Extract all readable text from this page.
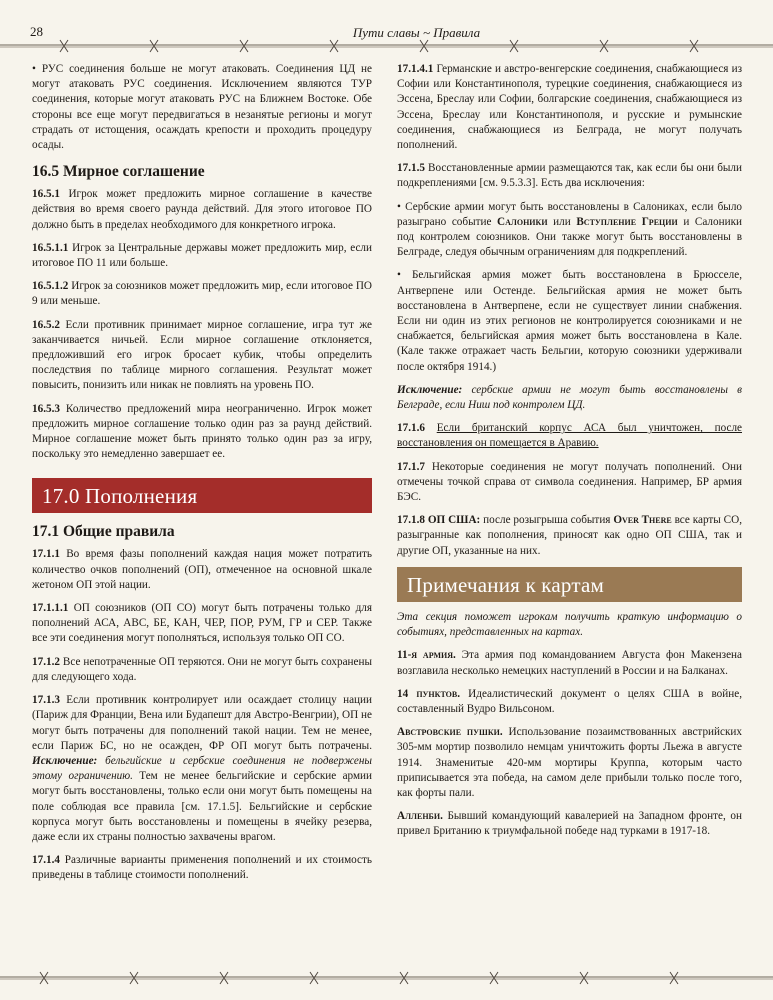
28	Пути славы ~ Правила

• РУС соединения больше не могут атаковать. Соединения ЦД не могут атаковать РУС соединения. Исключением являются ТУР соединения, которые могут атаковать РУС на Ближнем Востоке. Обе стороны все еще могут передвигаться в незанятые регионы и могут страдать от истощения, осаждать крепости и проходить процедуру осады.

16.5 Мирное соглашение

16.5.1 Игрок может предложить мирное соглашение в качестве действия во время своего раунда действий. Для этого итоговое ПО должно быть в пределах необходимого для конкретного игрока.

16.5.1.1 Игрок за Центральные державы может предложить мир, если итоговое ПО 11 или больше.

16.5.1.2 Игрок за союзников может предложить мир, если итоговое ПО 9 или меньше.

16.5.2 Если противник принимает мирное соглашение, игра тут же заканчивается ничьей. Если мирное соглашение отклоняется, предложивший его игрок бросает кубик, чтобы определить последствия по таблице мирного соглашения. Результат может повысить, понизить или никак не повлиять на уровень ПО.

16.5.3 Количество предложений мира неограниченно. Игрок может предложить мирное соглашение только один раз за раунд действий. Мирное соглашение может быть принято только один раз за игру, поскольку это немедленно завершает ее.

17.0 Пополнения
17.1 Общие правила

17.1.1 Во время фазы пополнений каждая нация может потратить количество очков пополнений (ОП), отмеченное на основной шкале жетоном ОП этой нации.

17.1.1.1 ОП союзников (ОП СО) могут быть потрачены только для пополнений АСА, АВС, БЕ, КАН, ЧЕР, ПОР, РУМ, ГР и СЕР. Также все эти соединения могут пополняться, используя только ОП СО.

17.1.2 Все непотраченные ОП теряются. Они не могут быть сохранены для следующего хода.

17.1.3 Если противник контролирует или осаждает столицу нации (Париж для Франции, Вена или Будапешт для Австро-Венгрии), ОП не могут быть потрачены для пополнений такой нации. Тем не менее, если Париж БС, но не осажден, ФР ОП могут быть потрачены. Исключение: бельгийские и сербские соединения не подвержены этому ограничению. Тем не менее бельгийские и сербские армии могут быть восстановлены, только если они могут быть помещены на поле соблюдая все правила [см. 17.1.5]. Бельгийские и сербские корпуса могут быть восстановлены и помещены в ячейку резерва, даже если их страны полностью захвачены врагом.

17.1.4 Различные варианты применения пополнений и их стоимость приведены в таблице стоимости пополнений.

17.1.4.1 Германские и австро-венгерские соединения, снабжающиеся из Софии или Константинополя, турецкие соединения, снабжающиеся из Эссена, Бреслау или Софии, болгарские соединения, снабжающиеся из Эссена, Бреслау или Константинополя, и русские и румынские соединения, снабжающиеся из Белграда, не могут получать пополнений.

17.1.5 Восстановленные армии размещаются так, как если бы они были подкреплениями [см. 9.5.3.3]. Есть два исключения:

• Сербские армии могут быть восстановлены в Салониках, если было разыграно событие Салоники или Вступление Греции и Салоники под контролем союзников. Они также могут быть восстановлены в Белграде, следуя обычным ограничениям для подкреплений.

• Бельгийская армия может быть восстановлена в Брюсселе, Антверпене или Остенде. Бельгийская армия не может быть восстановлена в Антверпене, если не существует линии снабжения. Если ни один из этих регионов не контролируется союзниками и не снабжается, бельгийская армия может быть восстановлена в Кале. (Кале также отражает часть Бельгии, которую союзники удерживали после октября 1914.)

Исключение: сербские армии не могут быть восстановлены в Белграде, если Ниш под контролем ЦД.

17.1.6 Если британский корпус АСА был уничтожен, после восстановления он помещается в Аравию.

17.1.7 Некоторые соединения не могут получать пополнений. Они отмечены точкой справа от символа соединения. Например, БР армия БЭС.

17.1.8 ОП США: после розыгрыша события Over There все карты СО, разыгранные как пополнения, приносят как одно ОП США, так и другие ОП, указанные на них.

Примечания к картам

Эта секция поможет игрокам получить краткую информацию о событиях, представленных на картах.

11-я армия. Эта армия под командованием Августа фон Макензена возглавила несколько немецких наступлений в России и на Балканах.

14 пунктов. Идеалистический документ о целях США в войне, составленный Вудро Вильсоном.

Австровские пушки. Использование позаимствованных австрийских 305-мм мортир позволило немцам уничтожить форты Льежа в августе 1914. Знаменитые 420-мм мортиры Круппа, которым часто приписывается эта победа, на самом деле прибыли только после того, как форты пали.

Алленби. Бывший командующий кавалерией на Западном фронте, он привел Британию к триумфальной победе над турками в 1917-18.
